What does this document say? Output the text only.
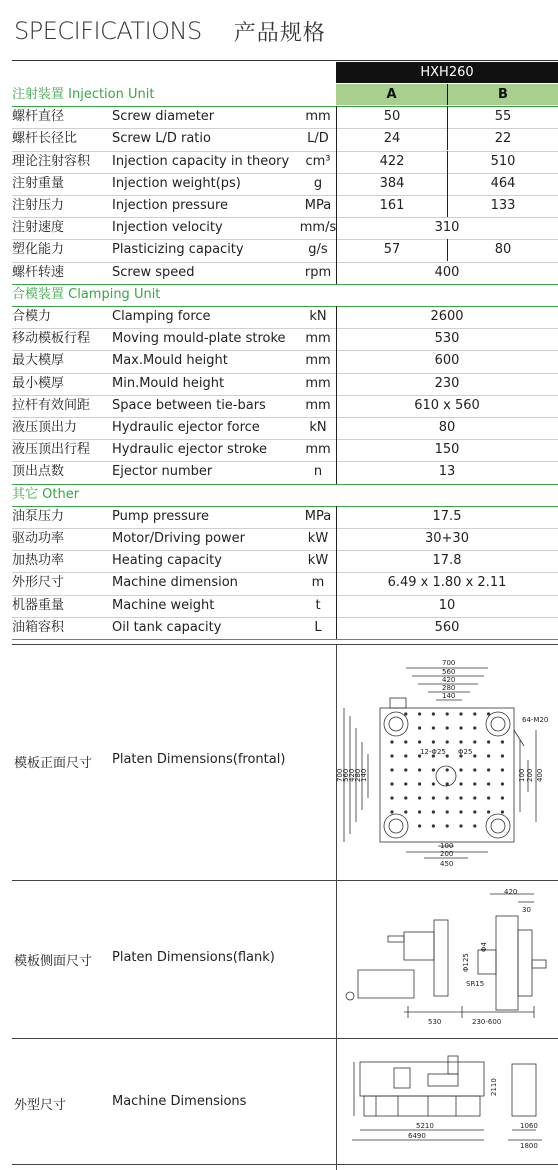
SPECIFICATIONS 产品规格
HXH260
注射装置 Injection Unit	A	B
螺杆直径	Screw diameter	mm	50	55
螺杆长径比	Screw L/D ratio	L/D	24	22
理论注射容积	Injection capacity in theory	cm³	422	510
注射重量	Injection weight(ps)	g	384	464
注射压力	Injection pressure	MPa	161	133
注射速度	Injection velocity	mm/s	310
塑化能力	Plasticizing capacity	g/s	57	80
螺杆转速	Screw speed	rpm	400
合模装置 Clamping Unit
合模力	Clamping force	kN	2600
移动模板行程	Moving mould-plate stroke	mm	530
最大模厚	Max.Mould height	mm	600
最小模厚	Min.Mould height	mm	230
拉杆有效间距	Space between tie-bars	mm	610 x 560
液压顶出力	Hydraulic ejector force	kN	80
液压顶出行程	Hydraulic ejector stroke	mm	150
顶出点数	Ejector number	n	13
其它 Other
油泵压力	Pump pressure	MPa	17.5
驱动功率	Motor/Driving power	kW	30+30
加热功率	Heating capacity	kW	17.8
外形尺寸	Machine dimension	m	6.49 x 1.80 x 2.11
机器重量	Machine weight	t	10
油箱容积	Oil tank capacity	L	560
模板正面尺寸 Platen Dimensions(frontal)
模板侧面尺寸 Platen Dimensions(flank)
外型尺寸	Machine Dimensions
700
560
420
280
140
64-M20
12-Φ25 Φ25
700
560
420
280
140	100 200 400
100
200
450
420
30
Φ4
Φ125
SR15
530	230-600
2110
5210
6490
1060
1800
